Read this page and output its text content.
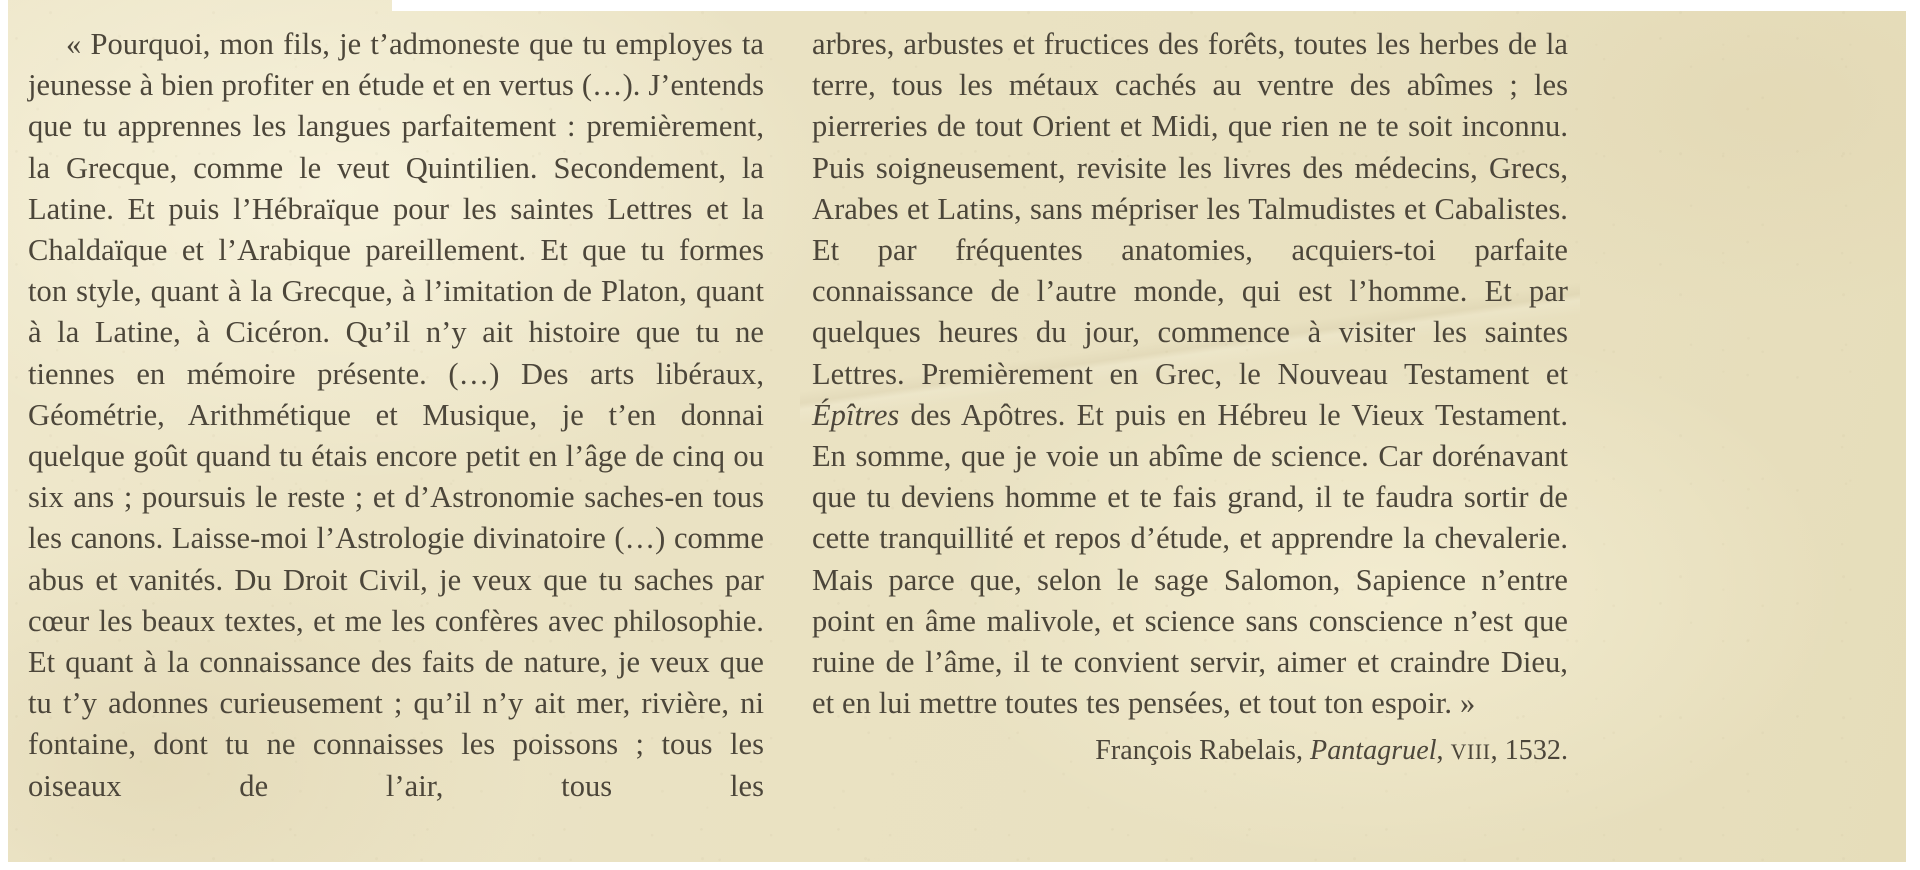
« Pourquoi, mon fils, je t’admoneste que tu employes ta jeunesse à bien profiter en étude et en vertus (…). J’entends que tu apprennes les langues parfaitement : premièrement, la Grecque, comme le veut Quintilien. Secondement, la Latine. Et puis l’Hébraïque pour les saintes Lettres et la Chaldaïque et l’Arabique pareillement. Et que tu formes ton style, quant à la Grecque, à l’imitation de Platon, quant à la Latine, à Cicéron. Qu’il n’y ait histoire que tu ne tiennes en mémoire présente. (…) Des arts libéraux, Géométrie, Arithmétique et Musique, je t’en donnai quelque goût quand tu étais encore petit en l’âge de cinq ou six ans ; poursuis le reste ; et d’Astronomie saches-en tous les canons. Laisse-moi l’Astrologie divinatoire (…) comme abus et vanités. Du Droit Civil, je veux que tu saches par cœur les beaux textes, et me les confères avec philosophie. Et quant à la connaissance des faits de nature, je veux que tu t’y adonnes curieusement ; qu’il n’y ait mer, rivière, ni fontaine, dont tu ne connaisses les poissons ; tous les oiseaux de l’air, tous les

arbres, arbustes et fructices des forêts, toutes les herbes de la terre, tous les métaux cachés au ventre des abîmes ; les pierreries de tout Orient et Midi, que rien ne te soit inconnu. Puis soigneusement, revisite les livres des médecins, Grecs, Arabes et Latins, sans mépriser les Talmudistes et Cabalistes. Et par fréquentes anatomies, acquiers-toi parfaite connaissance de l’autre monde, qui est l’homme. Et par quelques heures du jour, commence à visiter les saintes Lettres. Premièrement en Grec, le Nouveau Testament et Épîtres des Apôtres. Et puis en Hébreu le Vieux Testament. En somme, que je voie un abîme de science. Car dorénavant que tu deviens homme et te fais grand, il te faudra sortir de cette tranquillité et repos d’étude, et apprendre la chevalerie. Mais parce que, selon le sage Salomon, Sapience n’entre point en âme malivole, et science sans conscience n’est que ruine de l’âme, il te convient servir, aimer et craindre Dieu, et en lui mettre toutes tes pensées, et tout ton espoir. »

François Rabelais, Pantagruel, VIII, 1532.
